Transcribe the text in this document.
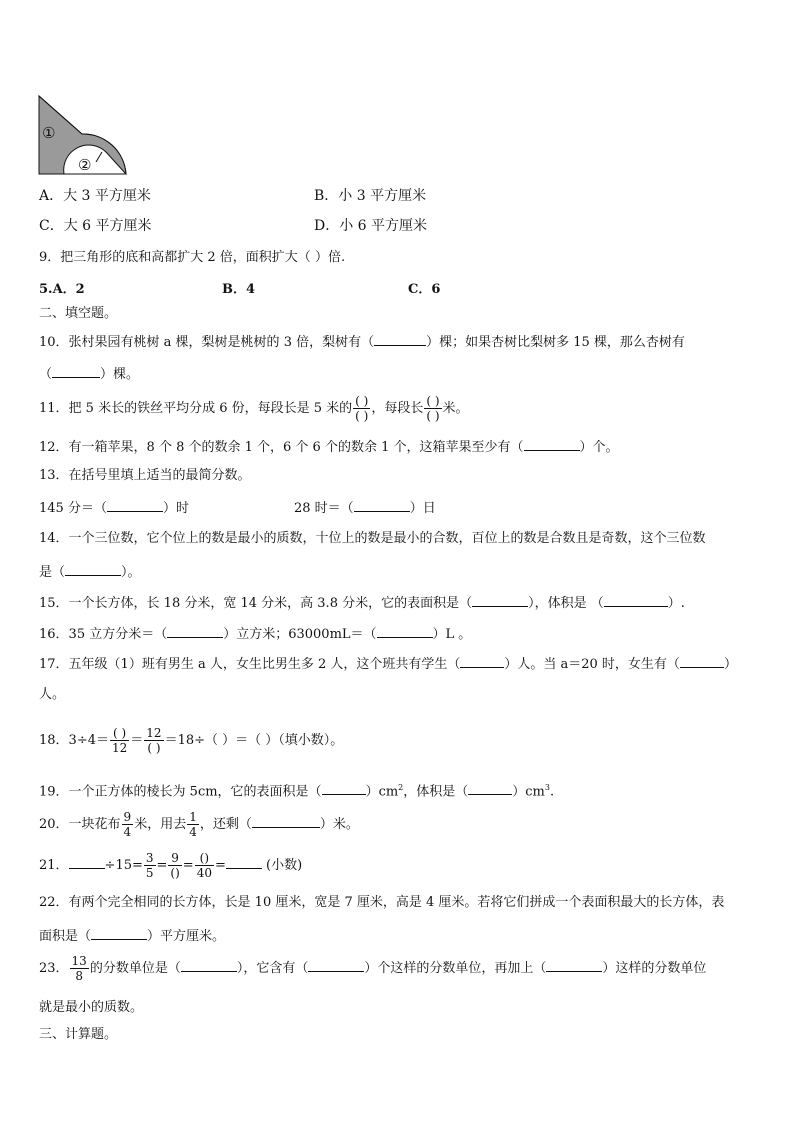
①
②
A．大 3 平方厘米	B．小 3 平方厘米
C．大 6 平方厘米	D．小 6 平方厘米
9．把三角形的底和高都扩大 2 倍，面积扩大（ ）倍.
5.A．2	B．4	C．6
二、填空题。
10．张村果园有桃树 a 棵，梨树是桃树的 3 倍，梨树有（	）棵；如果杏树比梨树多 15 棵，那么杏树有
（	）棵。
11．把 5 米长的铁丝平均分成 6 份，每段长是 5 米的 $\frac{( )}{( )}$ ，每段长 $\frac{( )}{( )}$ 米。
12．有一箱苹果，8 个 8 个的数余 1 个，6 个 6 个的数余 1 个，这箱苹果至少有（	）个。
13．在括号里填上适当的最简分数。
145 分＝（	）时	28 时＝（	）日
14．一个三位数，它个位上的数是最小的质数，十位上的数是最小的合数，百位上的数是合数且是奇数，这个三位数
是（	）。
15．一个长方体，长 18 分米，宽 14 分米，高 3.8 分米，它的表面积是（	），体积是 （	）.
16．35 立方分米＝（	）立方米；63000mL＝（	）L 。
17．五年级（1）班有男生 a 人，女生比男生多 2 人，这个班共有学生（	）人。当 a＝20 时，女生有（	）
人。
18．$3\div 4= \frac{( )}{12} = \frac{12}{( )} =18\div$（ ）＝（ ）（填小数）。
19．一个正方体的棱长为 5cm，它的表面积是（	）$cm^2$，体积是（	）$cm^3$.
20．一块花布 $\frac{9}{4}$ 米，用去 $\frac{1}{4}$ ，还剩（	）米。
21．	$\div 15= \frac{3}{5} = \frac{9}{()} = \frac{()}{40}$ =	(小数)
22．有两个完全相同的长方体，长是 10 厘米，宽是 7 厘米，高是 4 厘米。若将它们拼成一个表面积最大的长方体，表
面积是（	）平方厘米。
23． $\frac{13}{8}$ 的分数单位是（	），它含有（	）个这样的分数单位，再加上（	）这样的分数单位
就是最小的质数。
三、计算题。
